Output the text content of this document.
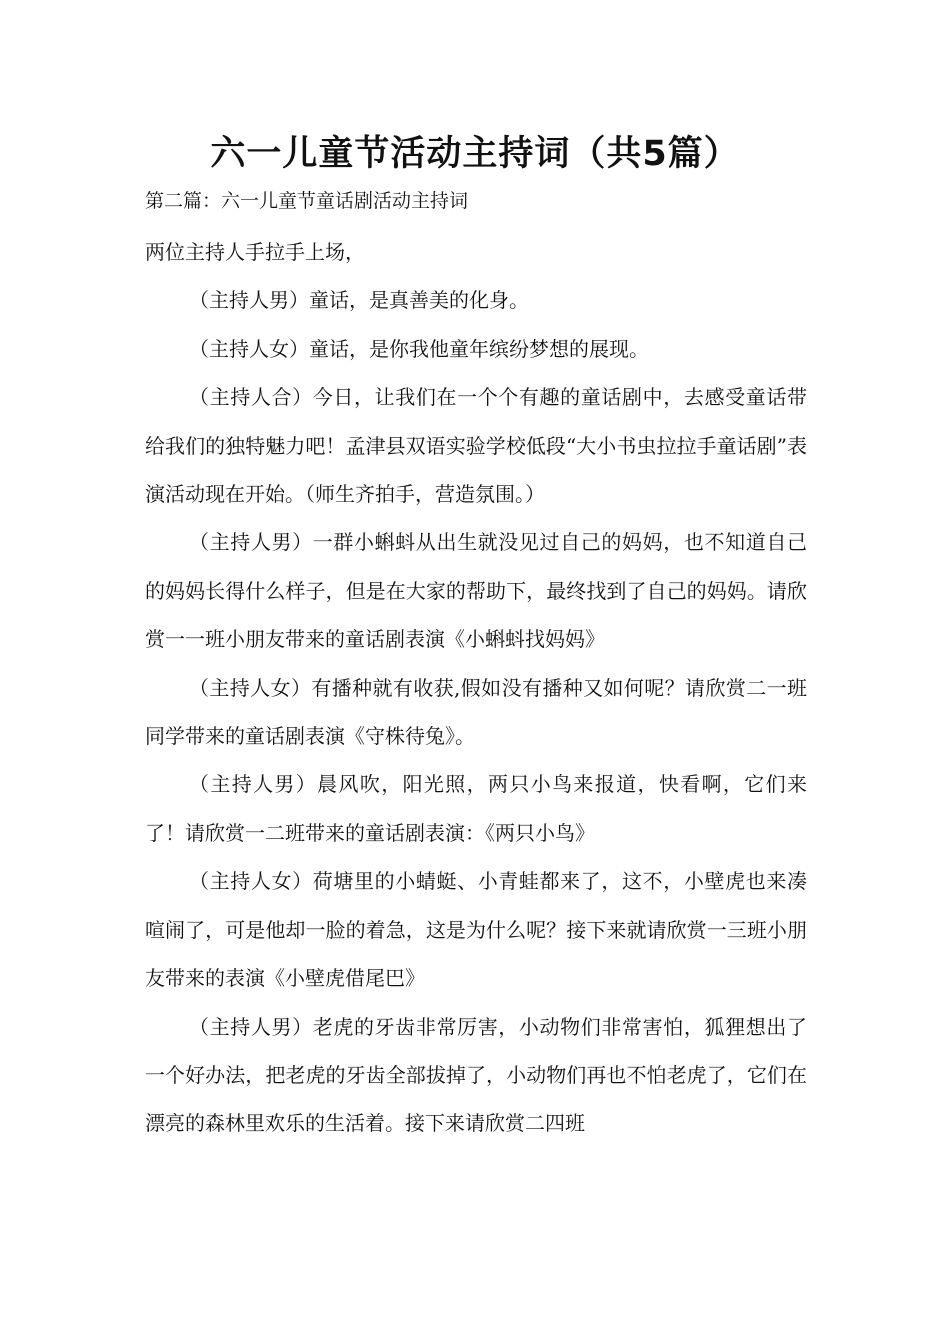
六一儿童节活动主持词（共5篇）
第二篇：六一儿童节童话剧活动主持词

两位主持人手拉手上场，

（主持人男）童话，是真善美的化身。

（主持人女）童话，是你我他童年缤纷梦想的展现。

（主持人合）今日，让我们在一个个有趣的童话剧中，去感受童话带给我们的独特魅力吧！孟津县双语实验学校低段“大小书虫拉拉手童话剧”表演活动现在开始。（师生齐拍手，营造氛围。）

（主持人男）一群小蝌蚪从出生就没见过自己的妈妈，也不知道自己的妈妈长得什么样子，但是在大家的帮助下，最终找到了自己的妈妈。请欣赏一一班小朋友带来的童话剧表演《小蝌蚪找妈妈》

（主持人女）有播种就有收获,假如没有播种又如何呢？请欣赏二一班同学带来的童话剧表演《守株待兔》。

（主持人男）晨风吹，阳光照，两只小鸟来报道，快看啊，它们来了！请欣赏一二班带来的童话剧表演：《两只小鸟》

（主持人女）荷塘里的小蜻蜓、小青蛙都来了，这不，小壁虎也来凑喧闹了，可是他却一脸的着急，这是为什么呢？接下来就请欣赏一三班小朋友带来的表演《小壁虎借尾巴》

（主持人男）老虎的牙齿非常厉害，小动物们非常害怕，狐狸想出了一个好办法，把老虎的牙齿全部拔掉了，小动物们再也不怕老虎了，它们在漂亮的森林里欢乐的生活着。接下来请欣赏二四班
